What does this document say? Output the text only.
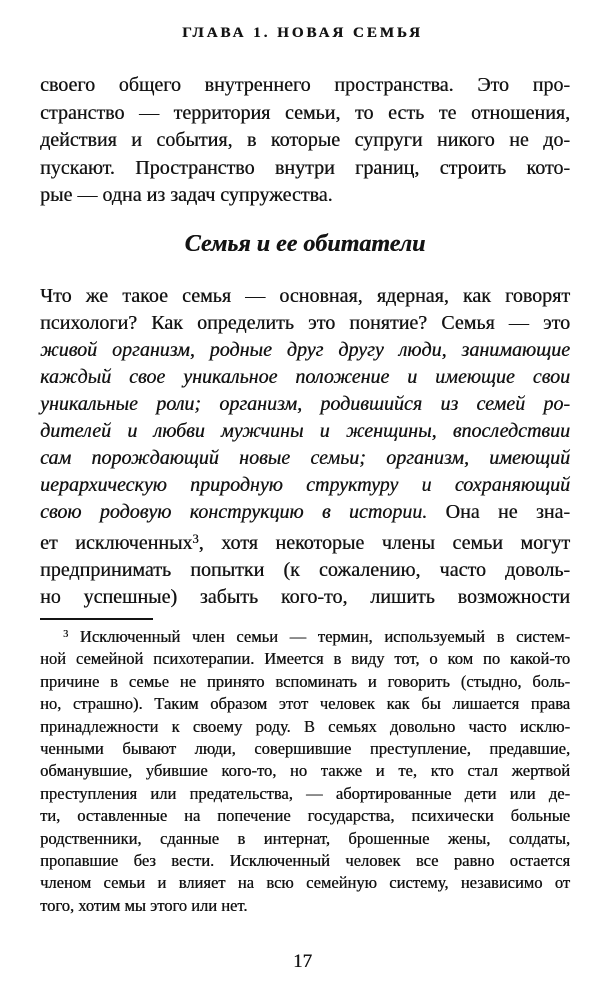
ГЛАВА 1. НОВАЯ СЕМЬЯ
своего общего внутреннего пространства. Это про-
странство — территория семьи, то есть те отношения,
действия и события, в которые супруги никого не до-
пускают. Пространство внутри границ, строить кото-
рые — одна из задач супружества.
Семья и ее обитатели
Что же такое семья — основная, ядерная, как говорят
психологи? Как определить это понятие? Семья — это
живой организм, родные друг другу люди, занимающие
каждый свое уникальное положение и имеющие свои
уникальные роли; организм, родившийся из семей ро-
дителей и любви мужчины и женщины, впоследствии
сам порождающий новые семьи; организм, имеющий
иерархическую природную структуру и сохраняющий
свою родовую конструкцию в истории. Она не зна-
ет исключенных$^3$, хотя некоторые члены семьи могут
предпринимать попытки (к сожалению, часто доволь-
но успешные) забыть кого-то, лишить возможности
$^3$ Исключенный член семьи — термин, используемый в систем-
ной семейной психотерапии. Имеется в виду тот, о ком по какой-то
причине в семье не принято вспоминать и говорить (стыдно, боль-
но, страшно). Таким образом этот человек как бы лишается права
принадлежности к своему роду. В семьях довольно часто исклю-
ченными бывают люди, совершившие преступление, предавшие,
обманувшие, убившие кого-то, но также и те, кто стал жертвой
преступления или предательства, — абортированные дети или де-
ти, оставленные на попечение государства, психически больные
родственники, сданные в интернат, брошенные жены, солдаты,
пропавшие без вести. Исключенный человек все равно остается
членом семьи и влияет на всю семейную систему, независимо от
того, хотим мы этого или нет.
17
